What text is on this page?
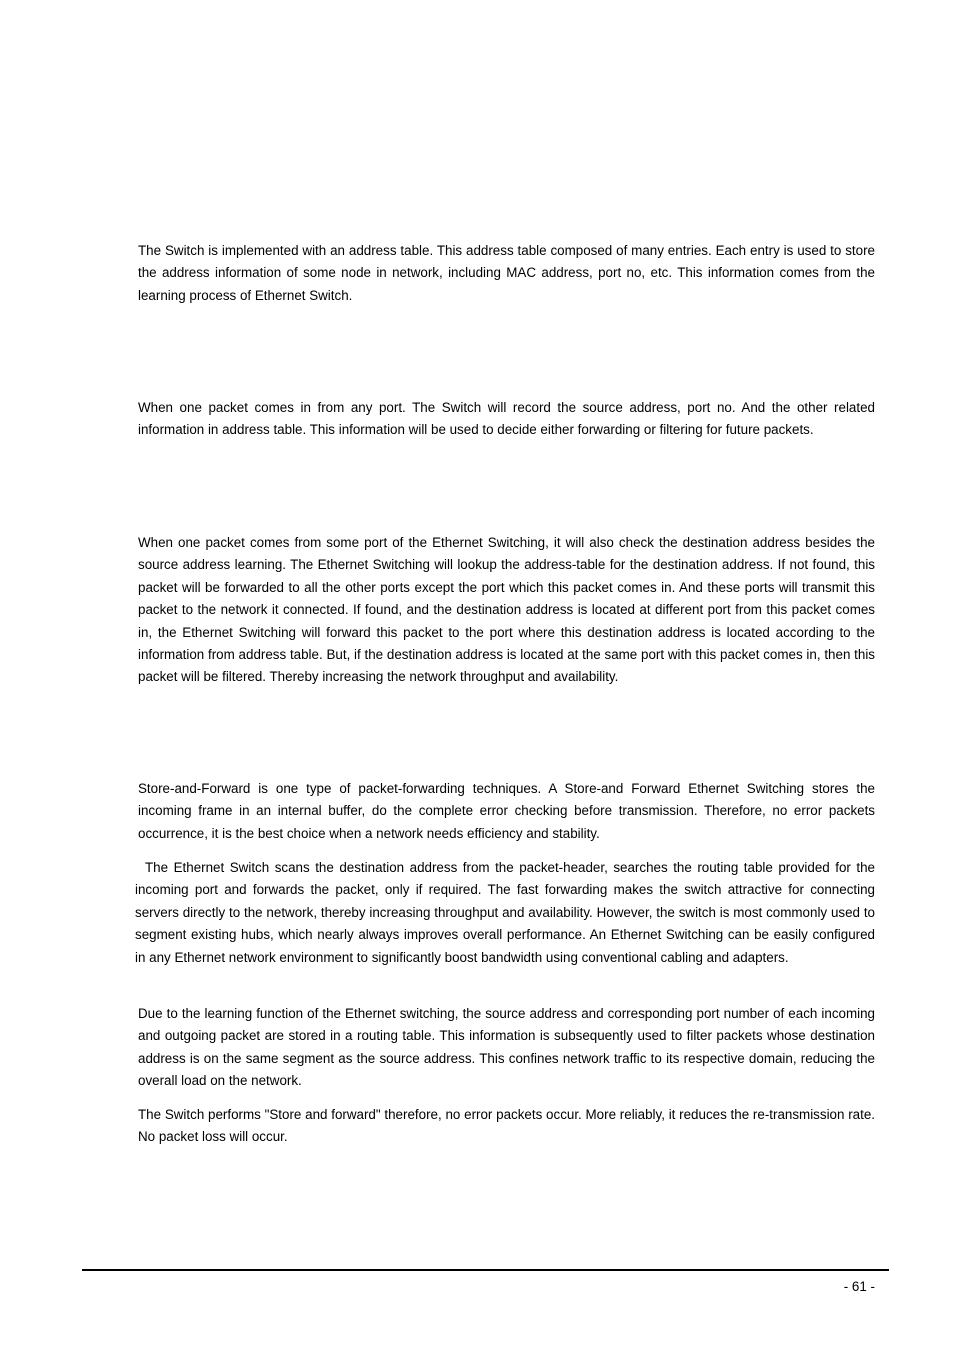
The Switch is implemented with an address table. This address table composed of many entries. Each entry is used to store the address information of some node in network, including MAC address, port no, etc. This information comes from the learning process of Ethernet Switch.

When one packet comes in from any port. The Switch will record the source address, port no. And the other related information in address table. This information will be used to decide either forwarding or filtering for future packets.

When one packet comes from some port of the Ethernet Switching, it will also check the destination address besides the source address learning. The Ethernet Switching will lookup the address-table for the destination address. If not found, this packet will be forwarded to all the other ports except the port which this packet comes in. And these ports will transmit this packet to the network it connected. If found, and the destination address is located at different port from this packet comes in, the Ethernet Switching will forward this packet to the port where this destination address is located according to the information from address table. But, if the destination address is located at the same port with this packet comes in, then this packet will be filtered. Thereby increasing the network throughput and availability.

Store-and-Forward is one type of packet-forwarding techniques. A Store-and Forward Ethernet Switching stores the incoming frame in an internal buffer, do the complete error checking before transmission. Therefore, no error packets occurrence, it is the best choice when a network needs efficiency and stability.

The Ethernet Switch scans the destination address from the packet-header, searches the routing table provided for the incoming port and forwards the packet, only if required. The fast forwarding makes the switch attractive for connecting servers directly to the network, thereby increasing throughput and availability. However, the switch is most commonly used to segment existing hubs, which nearly always improves overall performance. An Ethernet Switching can be easily configured in any Ethernet network environment to significantly boost bandwidth using conventional cabling and adapters.

Due to the learning function of the Ethernet switching, the source address and corresponding port number of each incoming and outgoing packet are stored in a routing table. This information is subsequently used to filter packets whose destination address is on the same segment as the source address. This confines network traffic to its respective domain, reducing the overall load on the network.

The Switch performs "Store and forward" therefore, no error packets occur. More reliably, it reduces the re-transmission rate. No packet loss will occur.

- 61 -
